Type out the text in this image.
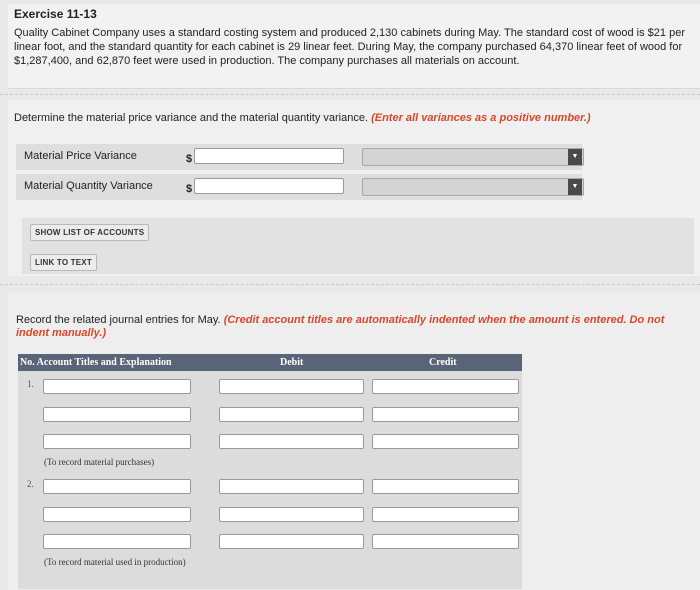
Exercise 11-13
Quality Cabinet Company uses a standard costing system and produced 2,130 cabinets during May. The standard cost of wood is $21 per linear foot, and the standard quantity for each cabinet is 29 linear feet. During May, the company purchased 64,370 linear feet of wood for $1,287,400, and 62,870 feet were used in production. The company purchases all materials on account.
Determine the material price variance and the material quantity variance. (Enter all variances as a positive number.)
Material Price Variance	$	▼
Material Quantity Variance	$	▼
SHOW LIST OF ACCOUNTS
LINK TO TEXT
Record the related journal entries for May. (Credit account titles are automatically indented when the amount is entered. Do not indent manually.)
No. Account Titles and Explanation	Debit	Credit
1.
(To record material purchases)
2.
(To record material used in production)
